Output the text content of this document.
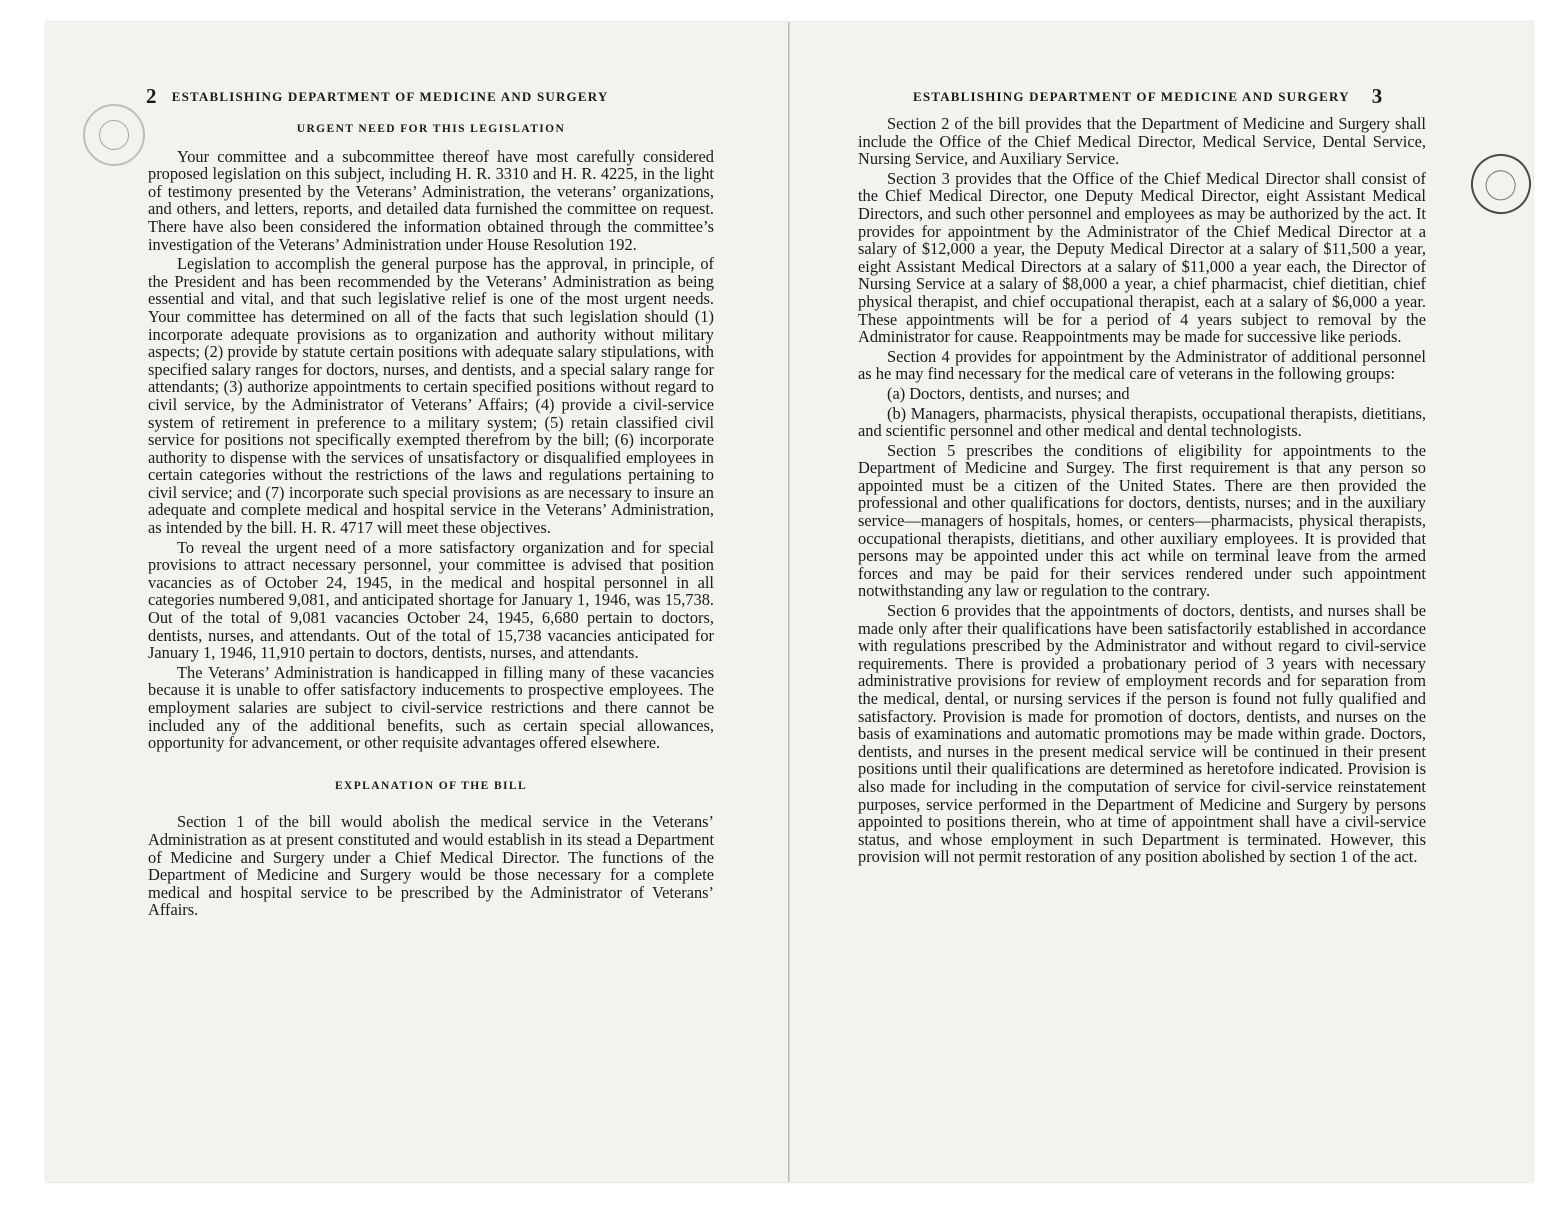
2 ESTABLISHING DEPARTMENT OF MEDICINE AND SURGERY
URGENT NEED FOR THIS LEGISLATION

Your committee and a subcommittee thereof have most carefully considered proposed legislation on this subject, including H. R. 3310 and H. R. 4225, in the light of testimony presented by the Veterans’ Administration, the veterans’ organizations, and others, and letters, reports, and detailed data furnished the committee on request. There have also been considered the information obtained through the committee’s investigation of the Veterans’ Administration under House Resolution 192.

Legislation to accomplish the general purpose has the approval, in principle, of the President and has been recommended by the Veterans’ Administration as being essential and vital, and that such legislative relief is one of the most urgent needs. Your committee has determined on all of the facts that such legislation should (1) incorporate adequate provisions as to organization and authority without military aspects; (2) provide by statute certain positions with adequate salary stipulations, with specified salary ranges for doctors, nurses, and dentists, and a special salary range for attendants; (3) authorize appointments to certain specified positions without regard to civil service, by the Administrator of Veterans’ Affairs; (4) provide a civil-service system of retirement in preference to a military system; (5) retain classified civil service for positions not specifically exempted therefrom by the bill; (6) incorporate authority to dispense with the services of unsatisfactory or disqualified employees in certain categories without the restrictions of the laws and regulations pertaining to civil service; and (7) incorporate such special provisions as are necessary to insure an adequate and complete medical and hospital service in the Veterans’ Administration, as intended by the bill. H. R. 4717 will meet these objectives.

To reveal the urgent need of a more satisfactory organization and for special provisions to attract necessary personnel, your committee is advised that position vacancies as of October 24, 1945, in the medical and hospital personnel in all categories numbered 9,081, and anticipated shortage for January 1, 1946, was 15,738. Out of the total of 9,081 vacancies October 24, 1945, 6,680 pertain to doctors, dentists, nurses, and attendants. Out of the total of 15,738 vacancies anticipated for January 1, 1946, 11,910 pertain to doctors, dentists, nurses, and attendants.

The Veterans’ Administration is handicapped in filling many of these vacancies because it is unable to offer satisfactory inducements to prospective employees. The employment salaries are subject to civil-service restrictions and there cannot be included any of the additional benefits, such as certain special allowances, opportunity for advancement, or other requisite advantages offered elsewhere.

EXPLANATION OF THE BILL

Section 1 of the bill would abolish the medical service in the Veterans’ Administration as at present constituted and would establish in its stead a Department of Medicine and Surgery under a Chief Medical Director. The functions of the Department of Medicine and Surgery would be those necessary for a complete medical and hospital service to be prescribed by the Administrator of Veterans’ Affairs.

ESTABLISHING DEPARTMENT OF MEDICINE AND SURGERY 3

Section 2 of the bill provides that the Department of Medicine and Surgery shall include the Office of the Chief Medical Director, Medical Service, Dental Service, Nursing Service, and Auxiliary Service.

Section 3 provides that the Office of the Chief Medical Director shall consist of the Chief Medical Director, one Deputy Medical Director, eight Assistant Medical Directors, and such other personnel and employees as may be authorized by the act. It provides for appointment by the Administrator of the Chief Medical Director at a salary of $12,000 a year, the Deputy Medical Director at a salary of $11,500 a year, eight Assistant Medical Directors at a salary of $11,000 a year each, the Director of Nursing Service at a salary of $8,000 a year, a chief pharmacist, chief dietitian, chief physical therapist, and chief occupational therapist, each at a salary of $6,000 a year. These appointments will be for a period of 4 years subject to removal by the Administrator for cause. Reappointments may be made for successive like periods.

Section 4 provides for appointment by the Administrator of additional personnel as he may find necessary for the medical care of veterans in the following groups:

(a) Doctors, dentists, and nurses; and

(b) Managers, pharmacists, physical therapists, occupational therapists, dietitians, and scientific personnel and other medical and dental technologists.

Section 5 prescribes the conditions of eligibility for appointments to the Department of Medicine and Surgey. The first requirement is that any person so appointed must be a citizen of the United States. There are then provided the professional and other qualifications for doctors, dentists, nurses; and in the auxiliary service—managers of hospitals, homes, or centers—pharmacists, physical therapists, occupational therapists, dietitians, and other auxiliary employees. It is provided that persons may be appointed under this act while on terminal leave from the armed forces and may be paid for their services rendered under such appointment notwithstanding any law or regulation to the contrary.

Section 6 provides that the appointments of doctors, dentists, and nurses shall be made only after their qualifications have been satisfactorily established in accordance with regulations prescribed by the Administrator and without regard to civil-service requirements. There is provided a probationary period of 3 years with necessary administrative provisions for review of employment records and for separation from the medical, dental, or nursing services if the person is found not fully qualified and satisfactory. Provision is made for promotion of doctors, dentists, and nurses on the basis of examinations and automatic promotions may be made within grade. Doctors, dentists, and nurses in the present medical service will be continued in their present positions until their qualifications are determined as heretofore indicated. Provision is also made for including in the computation of service for civil-service reinstatement purposes, service performed in the Department of Medicine and Surgery by persons appointed to positions therein, who at time of appointment shall have a civil-service status, and whose employment in such Department is terminated. However, this provision will not permit restoration of any position abolished by section 1 of the act.
